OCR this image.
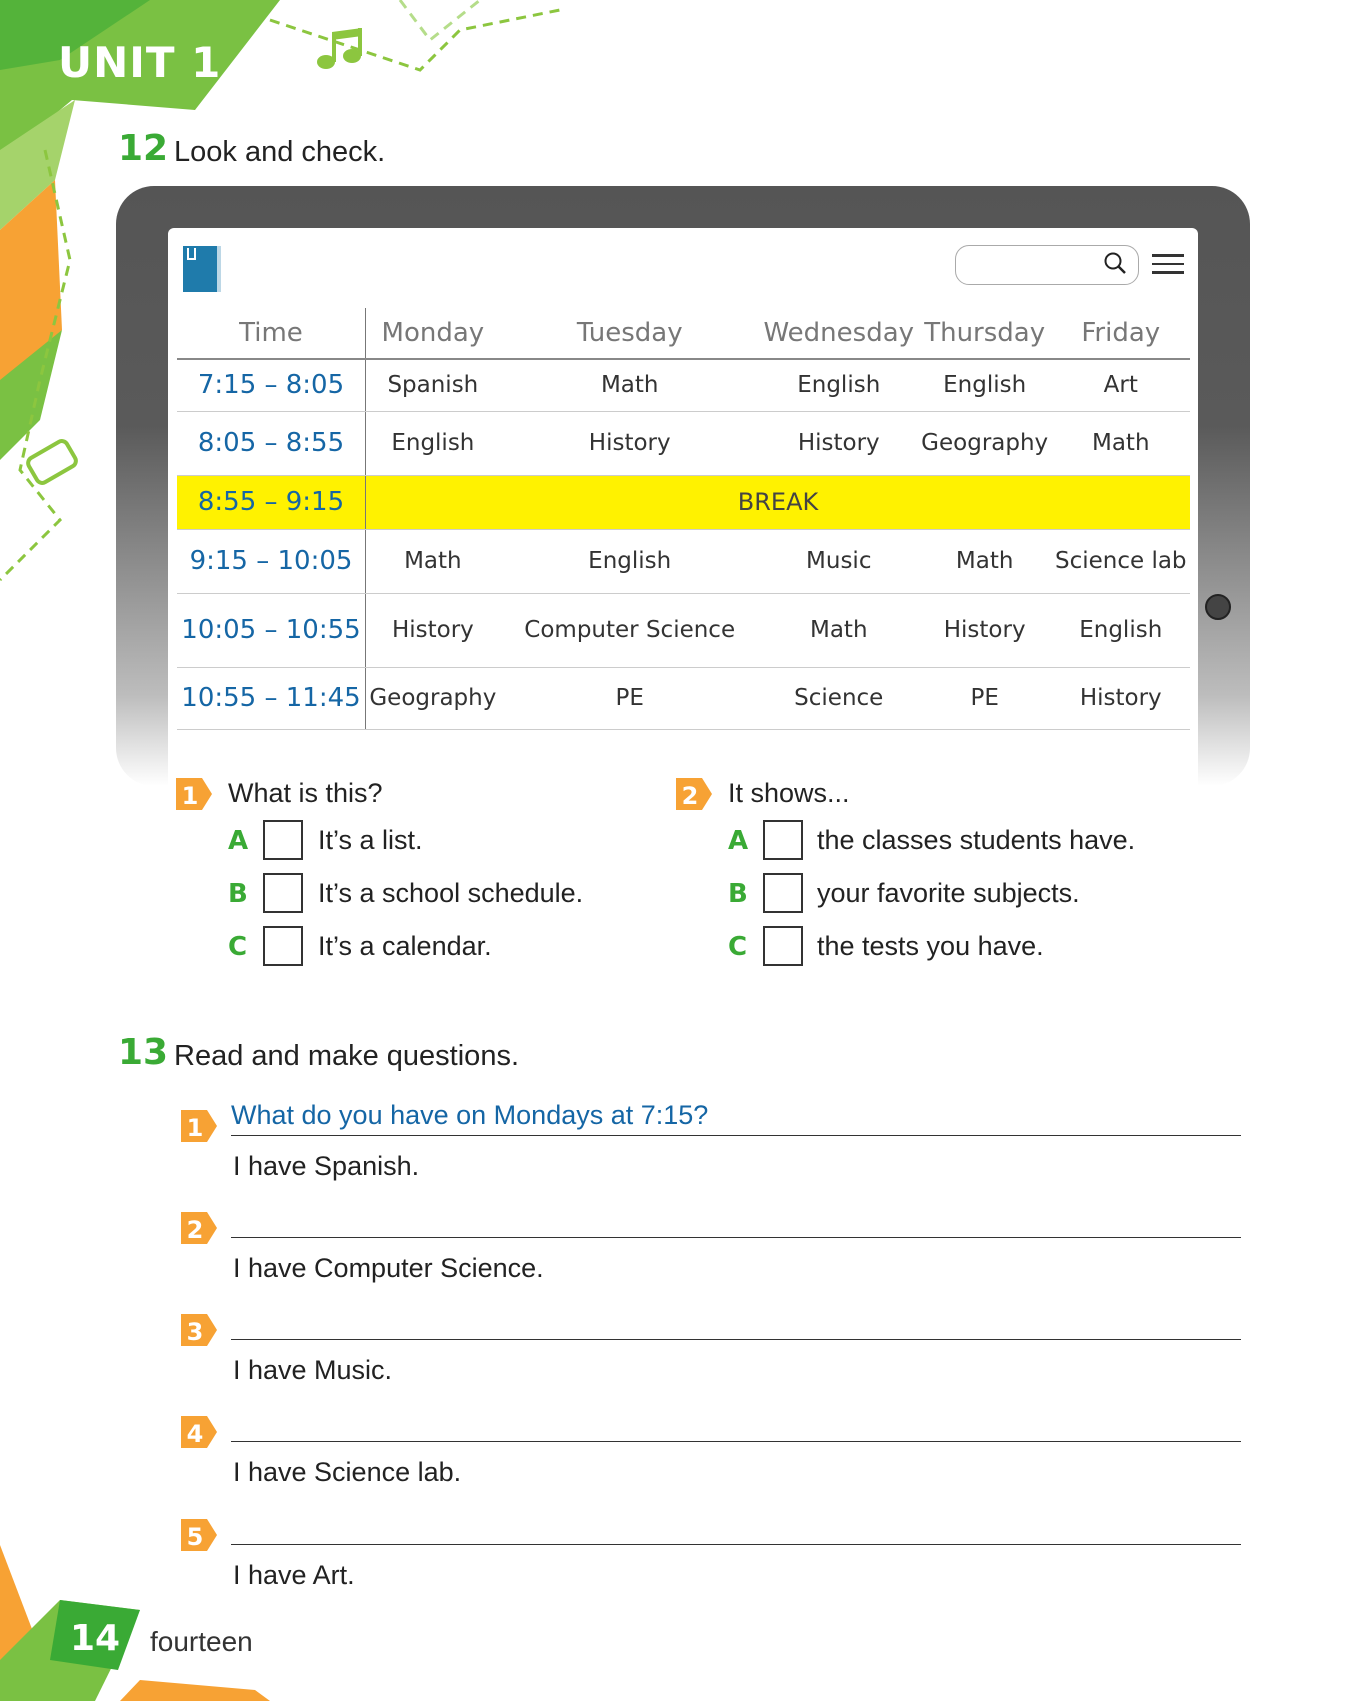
UNIT 1
12 Look and check.
Time	Monday	Tuesday	Wednesday	Thursday	Friday
7:15 – 8:05	Spanish	Math	English	English	Art
8:05 – 8:55	English	History	History	Geography	Math
8:55 – 9:15	BREAK				
9:15 – 10:05	Math	English	Music	Math	Science lab
10:05 – 10:55	History	Computer Science	Math	History	English
10:55 – 11:45	Geography	PE	Science	PE	History
1 What is this?
A	It’s a list.
B	It’s a school schedule.
C	It’s a calendar.
2 It shows...
A	the classes students have.
B	your favorite subjects.
C	the tests you have.
13 Read and make questions.
1 What do you have on Mondays at 7:15?
I have Spanish.
2
I have Computer Science.
3
I have Music.
4
I have Science lab.
5
I have Art.
14 fourteen
